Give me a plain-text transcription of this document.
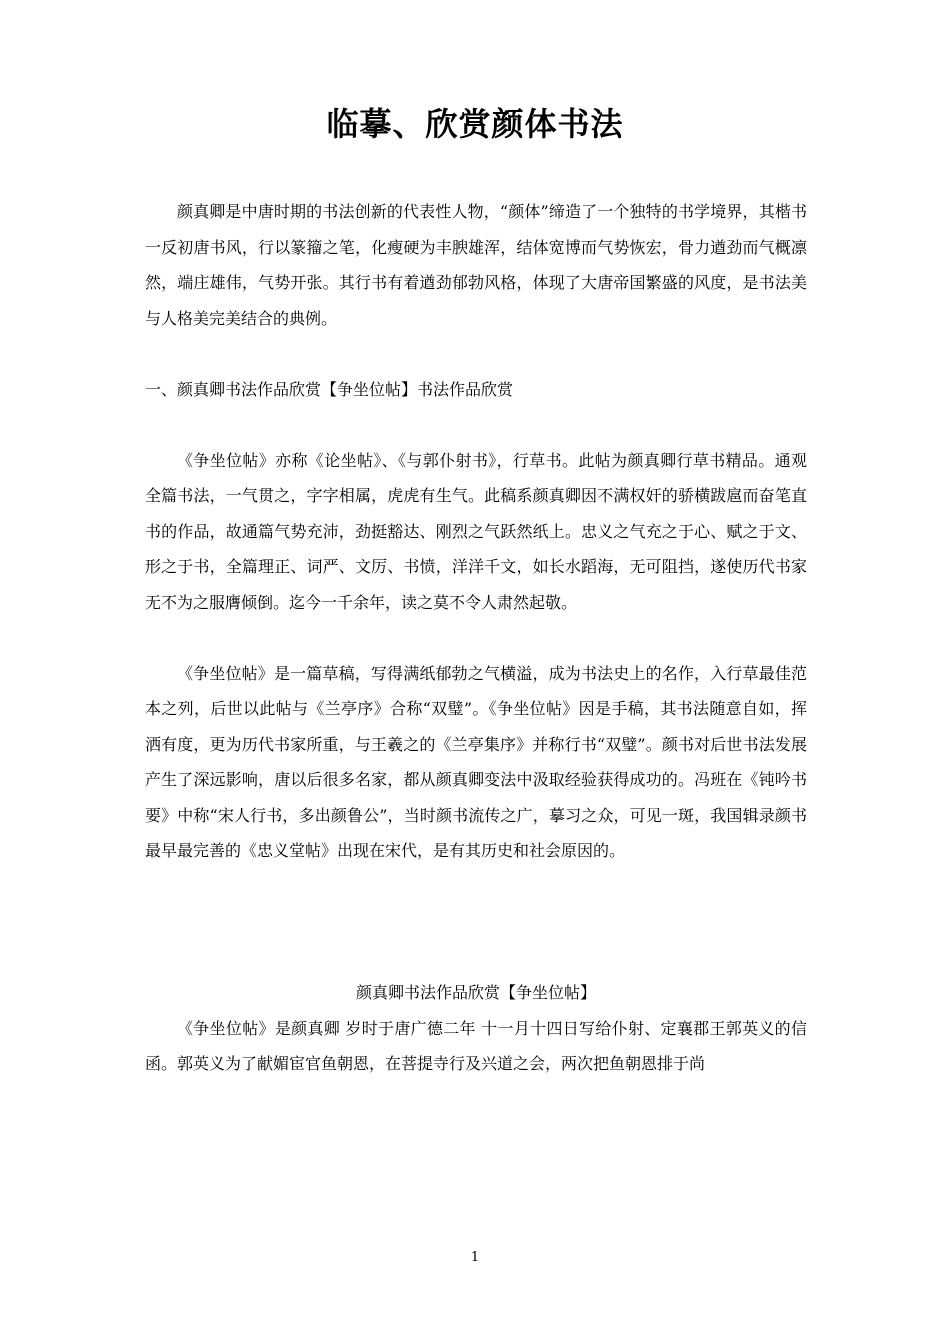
临摹、欣赏颜体书法

颜真卿是中唐时期的书法创新的代表性人物，“颜体”缔造了一个独特的书学境界，其楷书一反初唐书风，行以篆籀之笔，化瘦硬为丰腴雄浑，结体宽博而气势恢宏，骨力遒劲而气概凛然，端庄雄伟，气势开张。其行书有着遒劲郁勃风格，体现了大唐帝国繁盛的风度，是书法美与人格美完美结合的典例。

一、颜真卿书法作品欣赏【争坐位帖】书法作品欣赏

《争坐位帖》亦称《论坐帖》、《与郭仆射书》，行草书。此帖为颜真卿行草书精品。通观全篇书法，一气贯之，字字相属，虎虎有生气。此稿系颜真卿因不满权奸的骄横跋扈而奋笔直书的作品，故通篇气势充沛，劲挺豁达、刚烈之气跃然纸上。忠义之气充之于心、赋之于文、形之于书，全篇理正、词严、文厉、书愤，洋洋千文，如长水蹈海，无可阻挡，遂使历代书家无不为之服膺倾倒。迄今一千余年，读之莫不令人肃然起敬。

《争坐位帖》是一篇草稿，写得满纸郁勃之气横溢，成为书法史上的名作，入行草最佳范本之列，后世以此帖与《兰亭序》合称“双璧”。《争坐位帖》因是手稿，其书法随意自如，挥洒有度，更为历代书家所重，与王羲之的《兰亭集序》并称行书“双璧”。颜书对后世书法发展产生了深远影响，唐以后很多名家，都从颜真卿变法中汲取经验获得成功的。冯班在《钝吟书要》中称“宋人行书，多出颜鲁公”，当时颜书流传之广，摹习之众，可见一斑，我国辑录颜书最早最完善的《忠义堂帖》出现在宋代，是有其历史和社会原因的。

颜真卿书法作品欣赏【争坐位帖】

《争坐位帖》是颜真卿 岁时于唐广德二年 十一月十四日写给仆射、定襄郡王郭英义的信函。郭英义为了献媚宦官鱼朝恩，在菩提寺行及兴道之会，两次把鱼朝恩排于尚

1
